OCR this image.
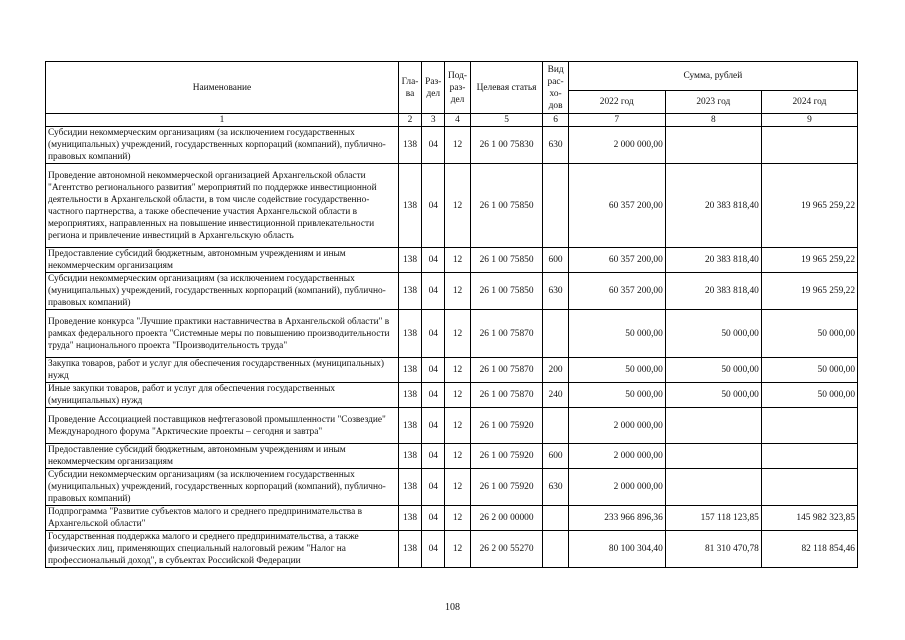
Наименование	Гла-ва	Раз-дел	Под-раз-дел	Целевая статья	Вид рас-хо-дов	Сумма, рублей		
						2022 год	2023 год	2024 год
1	2	3	4	5	6	7	8	9
Субсидии некоммерческим организациям (за исключением государственных (муниципальных) учреждений, государственных корпораций (компаний), публично-правовых компаний)	138	04	12	26 1 00 75830	630	2 000 000,00		
Проведение автономной некоммерческой организацией Архангельской области "Агентство регионального развития" мероприятий по поддержке инвестиционной деятельности в Архангельской области, в том числе содействие государственно-частного партнерства, а также обеспечение участия Архангельской области в мероприятиях, направленных на повышение инвестиционной привлекательности региона и привлечение инвестиций в Архангельскую область	138	04	12	26 1 00 75850		60 357 200,00	20 383 818,40	19 965 259,22
Предоставление субсидий бюджетным, автономным учреждениям и иным некоммерческим организациям	138	04	12	26 1 00 75850	600	60 357 200,00	20 383 818,40	19 965 259,22
Субсидии некоммерческим организациям (за исключением государственных (муниципальных) учреждений, государственных корпораций (компаний), публично-правовых компаний)	138	04	12	26 1 00 75850	630	60 357 200,00	20 383 818,40	19 965 259,22
Проведение конкурса "Лучшие практики наставничества в Архангельской области" в рамках федерального проекта "Системные меры по повышению производительности труда" национального проекта "Производительность труда"	138	04	12	26 1 00 75870		50 000,00	50 000,00	50 000,00
Закупка товаров, работ и услуг для обеспечения государственных (муниципальных) нужд	138	04	12	26 1 00 75870	200	50 000,00	50 000,00	50 000,00
Иные закупки товаров, работ и услуг для обеспечения государственных (муниципальных) нужд	138	04	12	26 1 00 75870	240	50 000,00	50 000,00	50 000,00
Проведение Ассоциацией поставщиков нефтегазовой промышленности "Созвездие" Международного форума "Арктические проекты – сегодня и завтра"	138	04	12	26 1 00 75920		2 000 000,00		
Предоставление субсидий бюджетным, автономным учреждениям и иным некоммерческим организациям	138	04	12	26 1 00 75920	600	2 000 000,00		
Субсидии некоммерческим организациям (за исключением государственных (муниципальных) учреждений, государственных корпораций (компаний), публично-правовых компаний)	138	04	12	26 1 00 75920	630	2 000 000,00		
Подпрограмма "Развитие субъектов малого и среднего предпринимательства в Архангельской области"	138	04	12	26 2 00 00000		233 966 896,36	157 118 123,85	145 982 323,85
Государственная поддержка малого и среднего предпринимательства, а также физических лиц, применяющих специальный налоговый режим "Налог на профессиональный доход", в субъектах Российской Федерации	138	04	12	26 2 00 55270		80 100 304,40	81 310 470,78	82 118 854,46
108
